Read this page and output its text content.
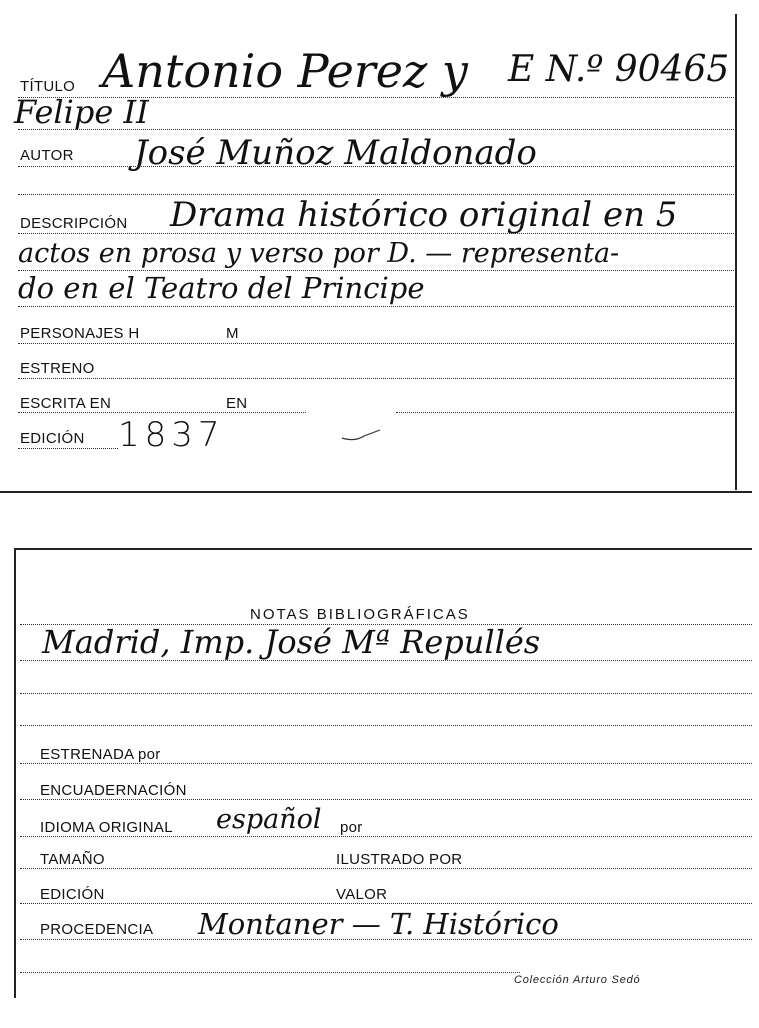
TÍTULO Antonio Perez y E N.º 90465
Felipe II
AUTOR José Muñoz Maldonado
DESCRIPCIÓN Drama histórico original en 5
actos en prosa y verso por D. — representa-
do en el Teatro del Principe
PERSONAJES H	M
ESTRENO
ESCRITA EN	EN
EDICIÓN 1837
NOTAS BIBLIOGRÁFICAS
Madrid, Imp. José Mª Repullés
ESTRENADA por
ENCUADERNACIÓN
IDIOMA ORIGINAL español por
TAMAÑO	ILUSTRADO POR
EDICIÓN	VALOR
PROCEDENCIA Montaner — T. Histórico
Colección Arturo Sedó
